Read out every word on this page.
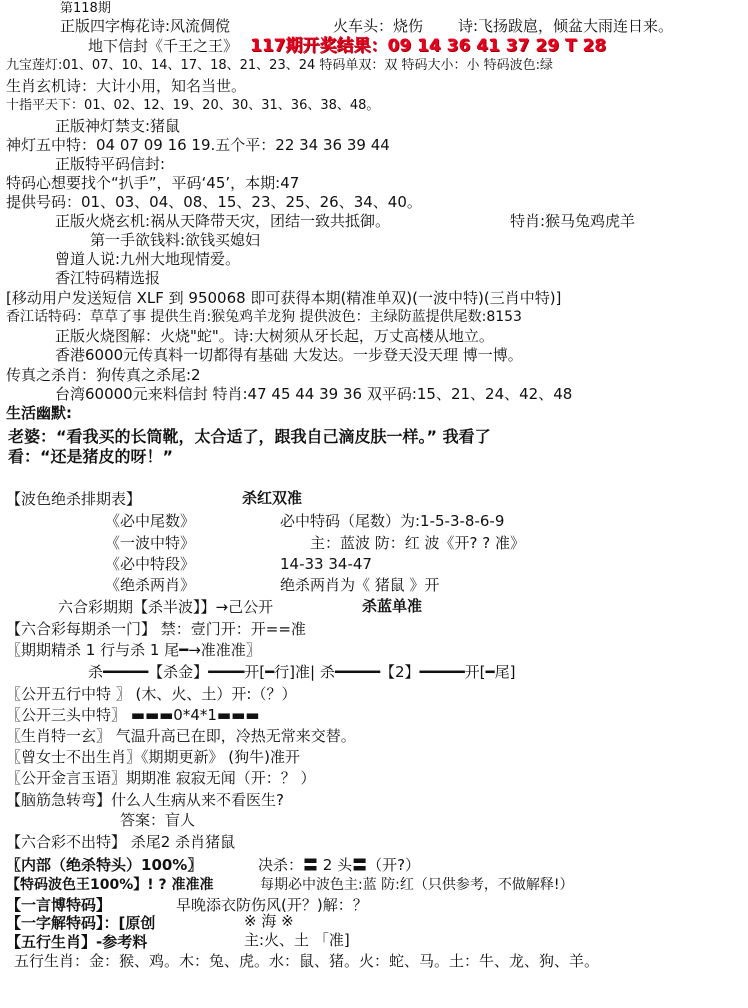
第118期
正版四字梅花诗:风流倜傥	火车头：烧伤 诗:飞扬跋扈，倾盆大雨连日来。
地下信封《千王之王》 117期开奖结果：09 14 36 41 37 29 T 28
九宝莲灯:01、07、10、14、17、18、21、23、24 特码单双：双 特码大小：小 特码波色:绿
生肖玄机诗：大计小用，知名当世。
十指平天下：01、02、12、19、20、30、31、36、38、48。
正版神灯禁支:猪鼠
神灯五中特：04 07 09 16 19.五个平：22 34 36 39 44
正版特平码信封:
特码心想要找个“扒手”，平码‘45’，本期:47
提供号码：01、03、04、08、15、23、25、26、34、40。
正版火烧玄机:祸从天降带天灾，团结一致共抵御。	特肖:猴马兔鸡虎羊
第一手欲钱料:欲钱买媳妇
曾道人说:九州大地现情爱。
香江特码精选报
[移动用户发送短信 XLF 到 950068 即可获得本期(精准单双)(一波中特)(三肖中特)]
香江话特码：草草了事 提供生肖:猴兔鸡羊龙狗 提供波色：主绿防蓝提供尾数:8153
正版火烧图解：火烧"蛇"。诗:大树须从牙长起，万丈高楼从地立。
香港6000元传真料一切都得有基础 大发达。一步登天没天理 博一博。
传真之杀肖：狗传真之杀尾:2
台湾60000元来料信封 特肖:47 45 44 39 36 双平码:15、21、24、42、48
生活幽默:
老婆：“看我买的长筒靴，太合适了，跟我自己滴皮肤一样。” 我看了
看：“还是猪皮的呀！”
【波色绝杀排期表】	杀红双准
《必中尾数》	必中特码（尾数）为:1-5-3-8-6-9
《一波中特》	主：蓝波 防：红 波《开? ? 准》
《必中特段》	14-33 34-47
《绝杀两肖》	绝杀两肖为《 猪鼠 》开
六合彩期期【杀半波】】→己公开	杀蓝单准
【六合彩每期杀一门】 禁：壹门开：开==准
〖期期精杀 1 行与杀 1 尾━→准准准〗
杀━━━━━【杀金】━━━━开[━行]准| 杀━━━━━【2】━━━━━开[━尾]
〖公开五行中特 〗 (木、火、土）开:（？）
〖公开三头中特〗 ▬▬▬0*4*1▬▬▬
〖生肖特一玄〗 气温升高已在即，冷热无常来交替。
〖曾女士不出生肖〗《期期更新》 (狗牛)准开
〖公开金言玉语〗期期准 寂寂无闻（开：？ ）
【脑筋急转弯】什么人生病从来不看医生?
答案：盲人
【六合彩不出特】 杀尾2 杀肖猪鼠
〖内部（绝杀特头）100%〗	决杀：〓 2 头〓（开?）
【特码波色王100%】! ? 准准准	每期必中波色主:蓝 防:红（只供参考，不做解释!）
【一言博特码】	早晚添衣防伤风(开？)解：？
【一字解特码】：[原创	※ 海 ※
【五行生肖】-参考料	主:火、土 「准]
五行生肖：金：猴、鸡。木：兔、虎。水：鼠、猪。火：蛇、马。土：牛、龙、狗、羊。
